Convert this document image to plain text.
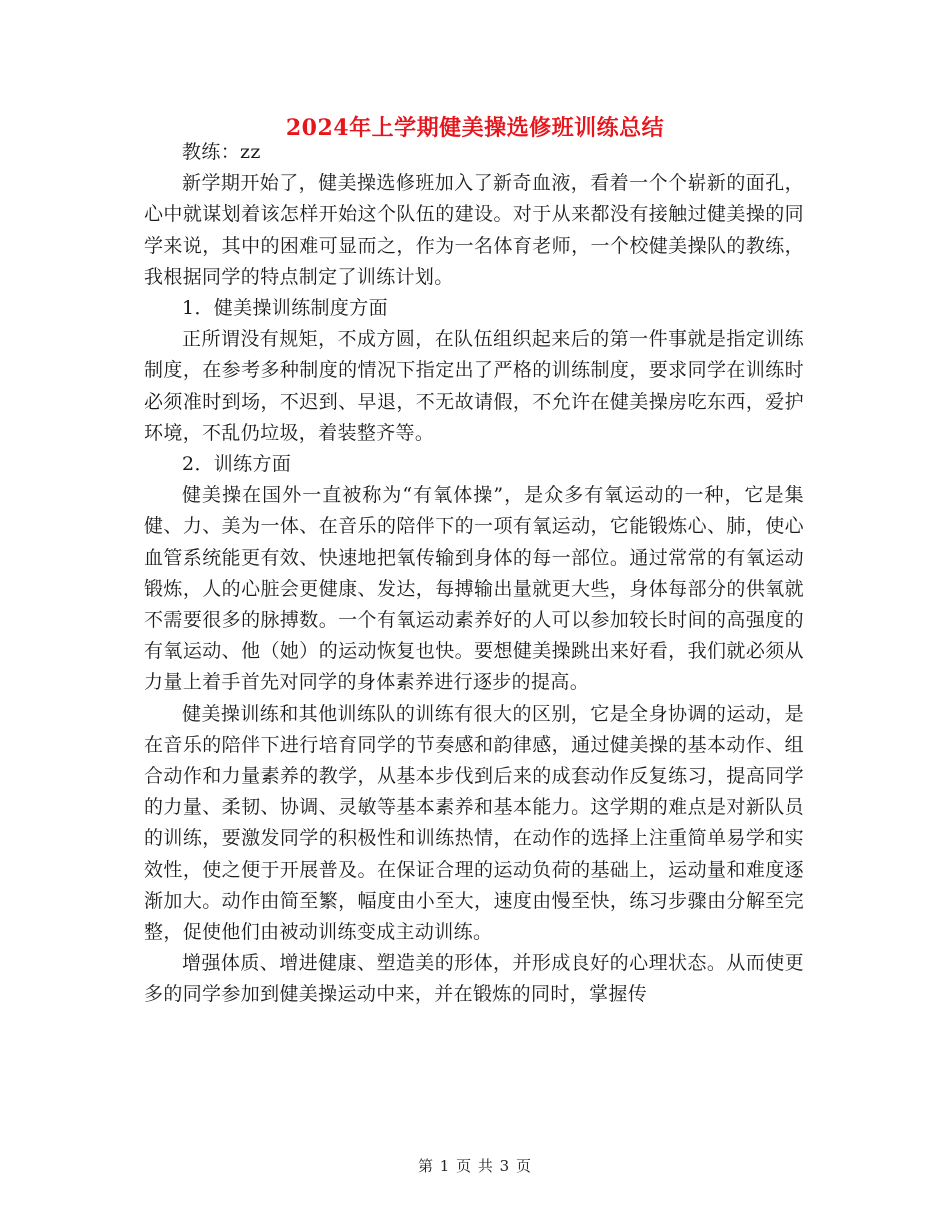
2024年上学期健美操选修班训练总结

教练：zz

新学期开始了，健美操选修班加入了新奇血液，看着一个个崭新的面孔，心中就谋划着该怎样开始这个队伍的建设。对于从来都没有接触过健美操的同学来说，其中的困难可显而之，作为一名体育老师，一个校健美操队的教练，我根据同学的特点制定了训练计划。

1．健美操训练制度方面

正所谓没有规矩，不成方圆，在队伍组织起来后的第一件事就是指定训练制度，在参考多种制度的情况下指定出了严格的训练制度，要求同学在训练时必须准时到场，不迟到、早退，不无故请假，不允许在健美操房吃东西，爱护环境，不乱仍垃圾，着装整齐等。

2．训练方面

健美操在国外一直被称为“有氧体操”，是众多有氧运动的一种，它是集健、力、美为一体、在音乐的陪伴下的一项有氧运动，它能锻炼心、肺，使心血管系统能更有效、快速地把氧传输到身体的每一部位。通过常常的有氧运动锻炼，人的心脏会更健康、发达，每搏输出量就更大些，身体每部分的供氧就不需要很多的脉搏数。一个有氧运动素养好的人可以参加较长时间的高强度的有氧运动、他（她）的运动恢复也快。要想健美操跳出来好看，我们就必须从力量上着手首先对同学的身体素养进行逐步的提高。

健美操训练和其他训练队的训练有很大的区别，它是全身协调的运动，是在音乐的陪伴下进行培育同学的节奏感和韵律感，通过健美操的基本动作、组合动作和力量素养的教学，从基本步伐到后来的成套动作反复练习，提高同学的力量、柔韧、协调、灵敏等基本素养和基本能力。这学期的难点是对新队员的训练，要激发同学的积极性和训练热情，在动作的选择上注重简单易学和实效性，使之便于开展普及。在保证合理的运动负荷的基础上，运动量和难度逐渐加大。动作由简至繁，幅度由小至大，速度由慢至快，练习步骤由分解至完整，促使他们由被动训练变成主动训练。

增强体质、增进健康、塑造美的形体，并形成良好的心理状态。从而使更多的同学参加到健美操运动中来，并在锻炼的同时，掌握传

第 1 页 共 3 页
